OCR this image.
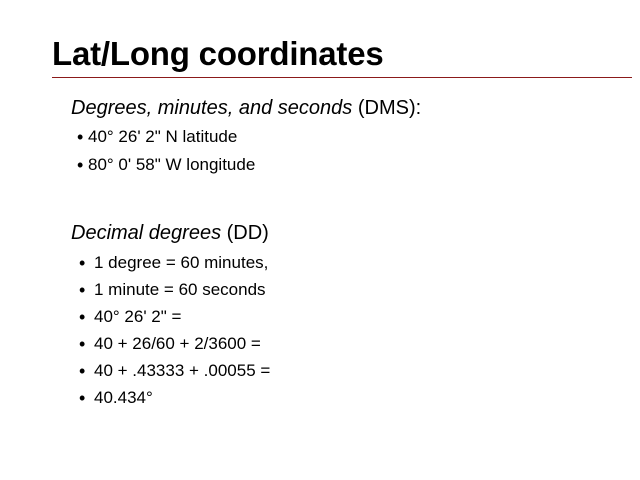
Lat/Long coordinates

Degrees, minutes, and seconds (DMS):

• 40° 26' 2" N latitude
• 80° 0' 58" W longitude

Decimal degrees (DD)

• 1 degree = 60 minutes,
• 1 minute = 60 seconds
• 40° 26' 2" =
• 40 + 26/60 + 2/3600 =
• 40 + .43333 + .00055 =
• 40.434°
